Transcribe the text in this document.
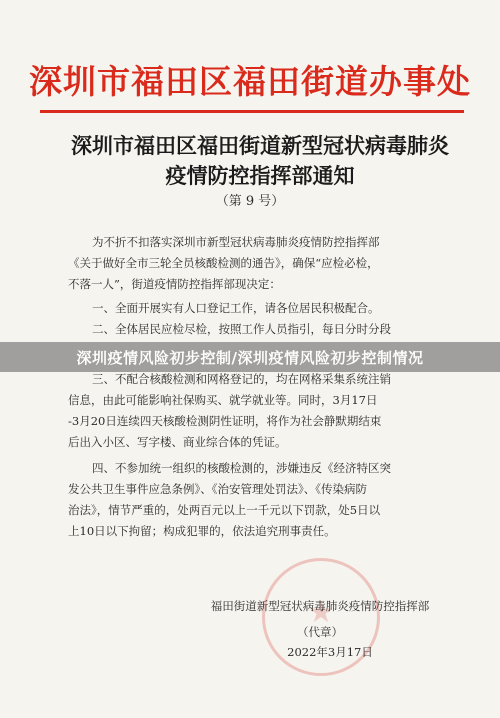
深圳市福田区福田街道办事处
深圳市福田区福田街道新型冠状病毒肺炎
疫情防控指挥部通知
（第 9 号）
为不折不扣落实深圳市新型冠状病毒肺炎疫情防控指挥部
《关于做好全市三轮全员核酸检测的通告》，确保“应检必检，
不落一人”，街道疫情防控指挥部现决定：
一、全面开展实有人口登记工作，请各位居民积极配合。
二、全体居民应检尽检，按照工作人员指引，每日分时分段
三、不配合核酸检测和网格登记的，均在网格采集系统注销
信息，由此可能影响社保购买、就学就业等。同时，3月17日
-3月20日连续四天核酸检测阴性证明，将作为社会静默期结束
后出入小区、写字楼、商业综合体的凭证。
四、不参加统一组织的核酸检测的，涉嫌违反《经济特区突
发公共卫生事件应急条例》、《治安管理处罚法》、《传染病防
治法》，情节严重的，处两百元以上一千元以下罚款，处5日以
上10日以下拘留；构成犯罪的，依法追究刑事责任。
★
福田街道新型冠状病毒肺炎疫情防控指挥部
（代章）
2022年3月17日
深圳疫情风险初步控制/深圳疫情风险初步控制情况
